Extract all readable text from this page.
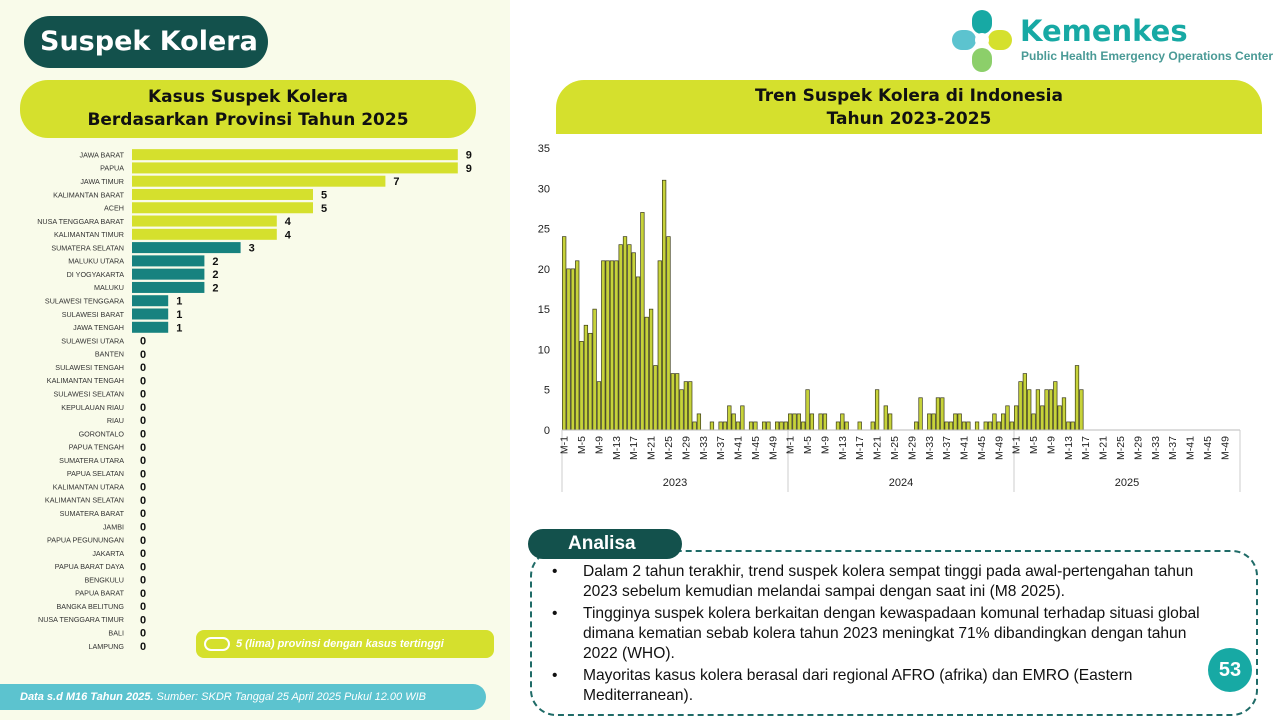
Suspek Kolera
Kasus Suspek Kolera
Berdasarkan Provinsi Tahun 2025
JAWA BARAT	9
PAPUA	9
JAWA TIMUR	7
KALIMANTAN BARAT	5
ACEH	5
NUSA TENGGARA BARAT	4
KALIMANTAN TIMUR	4
SUMATERA SELATAN	3
MALUKU UTARA	2
DI YOGYAKARTA	2
MALUKU	2
SULAWESI TENGGARA	1
SULAWESI BARAT	1
JAWA TENGAH	1
SULAWESI UTARA 0
BANTEN 0
SULAWESI TENGAH 0
KALIMANTAN TENGAH 0
SULAWESI SELATAN 0
KEPULAUAN RIAU 0
RIAU 0
GORONTALO 0
PAPUA TENGAH 0
SUMATERA UTARA 0
PAPUA SELATAN 0
KALIMANTAN UTARA 0
KALIMANTAN SELATAN 0
SUMATERA BARAT 0
JAMBI 0
PAPUA PEGUNUNGAN 0
JAKARTA 0
PAPUA BARAT DAYA 0
BENGKULU 0
PAPUA BARAT 0
BANGKA BELITUNG 0
NUSA TENGGARA TIMUR 0
BALI 0
LAMPUNG 0	5 (lima) provinsi dengan kasus tertinggi
Data s.d M16 Tahun 2025. Sumber: SKDR Tanggal 25 April 2025 Pukul 12.00 WIB
Kemenkes
Public Health Emergency Operations Center
Tren Suspek Kolera di Indonesia
Tahun 2023-2025
0
5
10
15
20
25
30
35
M-1 M-5 M-9 M-13 M-17 M-21 M-25 M-29 M-33 M-37 M-41 M-45 M-49
2023
M-1 M-5 M-9 M-13 M-17 M-21 M-25 M-29 M-33 M-37 M-41 M-45 M-49
2024
M-1 M-5 M-9 M-13 M-17 M-21 M-25 M-29 M-33 M-37 M-41 M-45 M-49
2025
Analisa
• Dalam 2 tahun terakhir, trend suspek kolera sempat tinggi pada awal-pertengahan tahun 2023 sebelum kemudian melandai sampai dengan saat ini (M8 2025).
• Tingginya suspek kolera berkaitan dengan kewaspadaan komunal terhadap situasi global dimana kematian sebab kolera tahun 2023 meningkat 71% dibandingkan dengan tahun 2022 (WHO).
• Mayoritas kasus kolera berasal dari regional AFRO (afrika) dan EMRO (Eastern Mediterranean).
53
